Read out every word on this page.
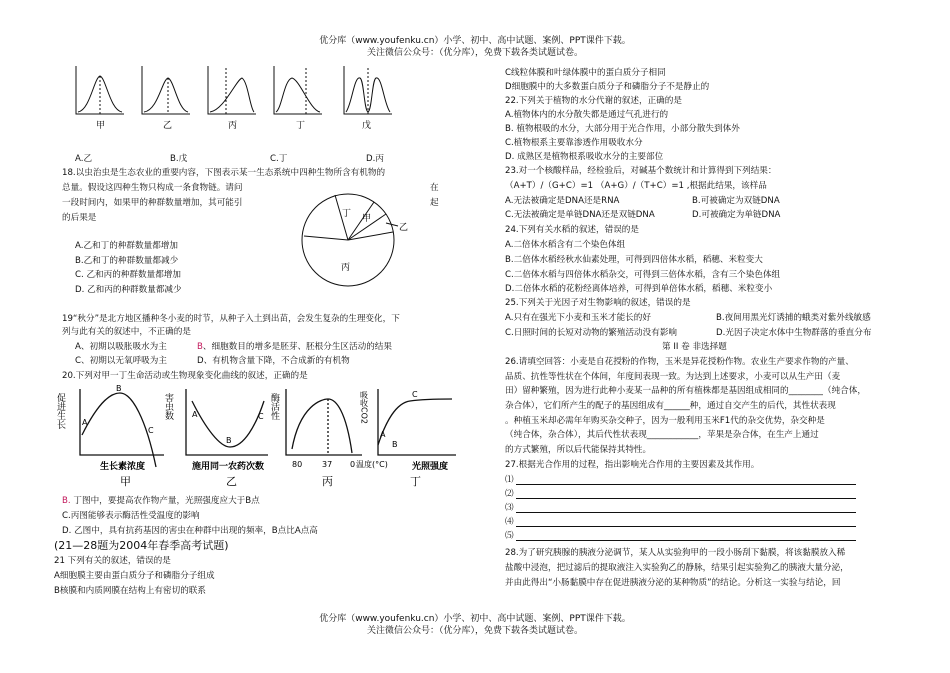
优分库（www.youfenku.cn）小学、初中、高中试题、案例、PPT课件下载。
关注微信公众号：（优分库），免费下载各类试题试卷。
优分库（www.youfenku.cn）小学、初中、高中试题、案例、PPT课件下载。
关注微信公众号：（优分库），免费下载各类试题试卷。
甲	乙	丙	丁	戊
A.乙	B.戊	C.丁	D.丙
18.以虫治虫是生态农业的重要内容，下图表示某一生态系统中四种生物所含有机物的
总量。假设这四种生物只构成一条食物链。请问	在
一段时间内，如果甲的种群数量增加，其可能引	起
的后果是	丁 甲
乙
丙
A.乙和丁的种群数量都增加
B.乙和丁的种群数量都减少
C. 乙和丙的种群数量都增加
D. 乙和丙的种群数量都减少
19“秋分”是北方地区播种冬小麦的时节，从种子入土到出苗，会发生复杂的生理变化，下
列与此有关的叙述中，不正确的是
A、初期以吸胀吸水为主	B、细胞数目的增多是胚芽、胚根分生区活动的结果
C、初期以无氧呼吸为主	D、有机物含量下降，不合成新的有机物
20.下列对甲一丁生命活动或生物现象变化曲线的叙述，正确的是
促进生长 A
B
C
生长素浓度
甲
害虫数 A
B
C
施用同一农药次数
乙
酶活性
80 37 0 温度(°C)
丙
吸收CO2
A
B
C
光照强度
丁
B. 丁图中，要提高农作物产量，光照强度应大于B点
C.丙图能够表示酶活性受温度的影响
D. 乙图中，具有抗药基因的害虫在种群中出现的频率，B点比A点高
(21—28题为2004年春季高考试题)
21 下列有关的叙述，错误的是
A细胞膜主要由蛋白质分子和磷脂分子组成
B核膜和内质网膜在结构上有密切的联系
C线粒体膜和叶绿体膜中的蛋白质分子相同
D细胞膜中的大多数蛋白质分子和磷脂分子不是静止的
22.下列关于植物的水分代谢的叙述，正确的是
A.植物体内的水分散失都是通过气孔进行的
B. 植物根吸的水分，大部分用于光合作用，小部分散失到体外
C.植物根系主要靠渗透作用吸收水分
D. 成熟区是植物根系吸收水分的主要部位
23.对一个核酸样品，经检验后，对碱基个数统计和计算得到下列结果：
（A+T）/（G+C）=1 （A+G）/（T+C）=1 ,根据此结果，该样品
A.无法被确定是DNA还是RNA	B.可被确定为双链DNA
C.无法被确定是单链DNA还是双链DNA	D.可被确定为单链DNA
24.下列有关水稻的叙述，错误的是
A.二倍体水稻含有二个染色体组
B.二倍体水稻经秋水仙素处理，可得到四倍体水稻，稻穗、米粒变大
C.二倍体水稻与四倍体水稻杂交，可得到三倍体水稻，含有三个染色体组
D.二倍体水稻的花粉经离体培养，可得到单倍体水稻，稻穗、米粒变小
25.下列关于光因子对生物影响的叙述，错误的是
A.只有在强光下小麦和玉米才能长的好	B.夜间用黑光灯诱捕的蛾类对紫外线敏感
C.日照时间的长短对动物的繁殖活动没有影响	D.光因子决定水体中生物群落的垂直分布
第 II 卷 非选择题
26.请填空回答：小麦是自花授粉的作物，玉米是异花授粉作物。农业生产要求作物的产量、
品质、抗性等性状在个体间，年度间表现一致。为达到上述要求，小麦可以从生产田（麦
田）留种繁殖，因为进行此种小麦某一品种的所有植株都是基因组成相同的________（纯合体，
杂合体），它们所产生的配子的基因组成有______种，通过自交产生的后代，其性状表现
。种植玉米却必需年年购买杂交种子，因为一般利用玉米F1代的杂交优势，杂交种是
（纯合体，杂合体），其后代性状表现____________，苹果是杂合体，在生产上通过
的方式繁殖，所以后代能保持其特性。
27.根据光合作用的过程，指出影响光合作用的主要因素及其作用。
⑴
⑵
⑶
⑷
⑸
28.为了研究胰腺的胰液分泌调节，某人从实验狗甲的一段小肠刮下黏膜，将该黏膜放入稀
盐酸中浸泡，把过滤后的提取液注入实验狗乙的静脉，结果引起实验狗乙的胰液大量分泌，
并由此得出“小肠黏膜中存在促进胰液分泌的某种物质”的结论。分析这一实验与结论，回
